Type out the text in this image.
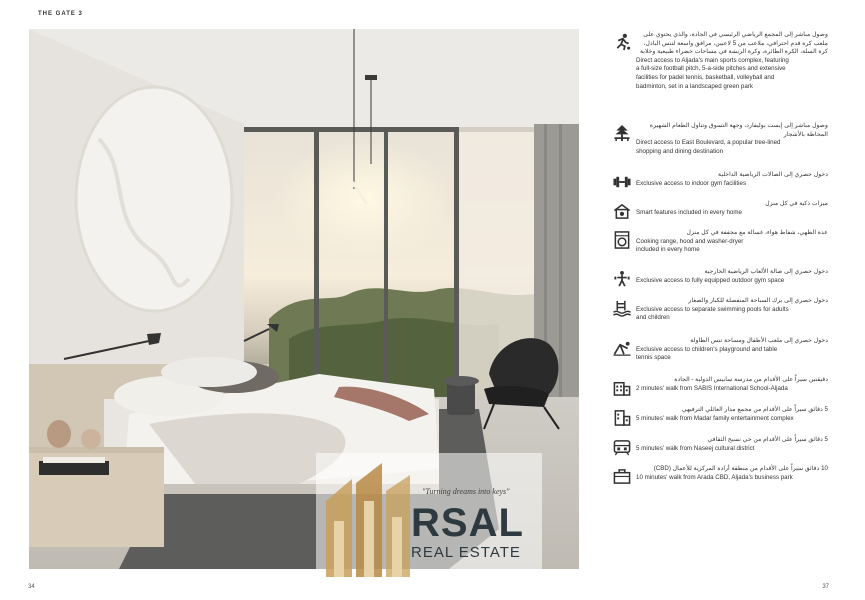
THE GATE 3
"Turning dreams into keys"
RSAL
REAL ESTATE
وصول مباشر إلى المجمع الرياضي الرئيسي في الجادة، والذي يحتوي على ملعب كرة قدم احترافي، ملاعب من 5 لاعبين، مرافق واسعة لتنس البادل، كرة السلة، الكرة الطائرة، وكرة الريشة في مساحات خضراء طبيعية وخلابة
Direct access to Aljada's main sports complex, featuring
a full-size football pitch, 5-a-side pitches and extensive
facilities for padel tennis, basketball, volleyball and
badminton, set in a landscaped green park
وصول مباشر إلى إيست بوليفارد، وجهة التسوق وتناول الطعام الشهيرة المحاطة بالأشجار
Direct access to East Boulevard, a popular tree-lined
shopping and dining destination
دخول حصري إلى الصالات الرياضية الداخلية
Exclusive access to indoor gym facilities
ميزات ذكية في كل منزل
Smart features included in every home
عدة الطهي، شفاط هواء، غسالة مع مجففة في كل منزل
Cooking range, hood and washer-dryer
included in every home
دخول حصري إلى صالة الألعاب الرياضية الخارجية
Exclusive access to fully equipped outdoor gym space
دخول حصري إلى برك السباحة المنفصلة للكبار والصغار
Exclusive access to separate swimming pools for adults
and children
دخول حصري إلى ملعب الأطفال ومساحة تنس الطاولة
Exclusive access to children's playground and table
tennis space
دقيقتين سيراً على الأقدام من مدرسة سابيس الدولية - الجادة
2 minutes' walk from SABIS International School-Aljada
5 دقائق سيراً على الأقدام من مجمع مدار العائلي الترفيهي
5 minutes' walk from Madar family entertainment complex
5 دقائق سيراً على الأقدام من حي نسيج الثقافي
5 minutes' walk from Naseej cultural district
10 دقائق سيراً على الأقدام من منطقة أرادة المركزية للأعمال (CBD)
10 minutes' walk from Arada CBD, Aljada's business park
34	37
